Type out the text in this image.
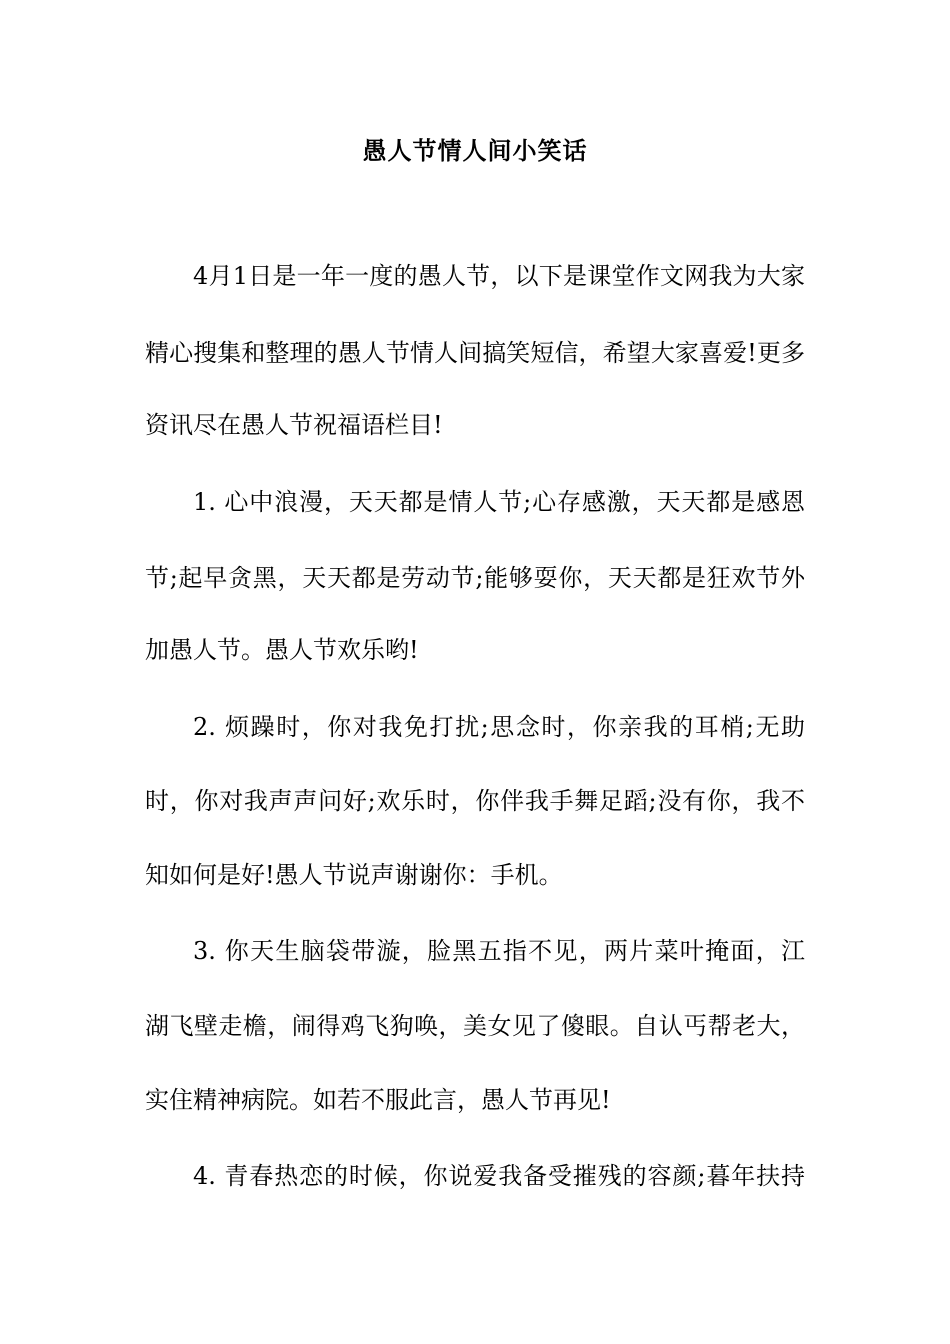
愚人节情人间小笑话
4月1日是一年一度的愚人节，以下是课堂作文网我为大家
精心搜集和整理的愚人节情人间搞笑短信，希望大家喜爱!更多
资讯尽在愚人节祝福语栏目!
1. 心中浪漫，天天都是情人节;心存感激，天天都是感恩
节;起早贪黑，天天都是劳动节;能够耍你，天天都是狂欢节外
加愚人节。愚人节欢乐哟!
2. 烦躁时，你对我免打扰;思念时，你亲我的耳梢;无助
时，你对我声声问好;欢乐时，你伴我手舞足蹈;没有你，我不
知如何是好!愚人节说声谢谢你：手机。
3. 你天生脑袋带漩，脸黑五指不见，两片菜叶掩面，江
湖飞壁走檐，闹得鸡飞狗唤，美女见了傻眼。自认丐帮老大，
实住精神病院。如若不服此言，愚人节再见!
4. 青春热恋的时候，你说爱我备受摧残的容颜;暮年扶持
